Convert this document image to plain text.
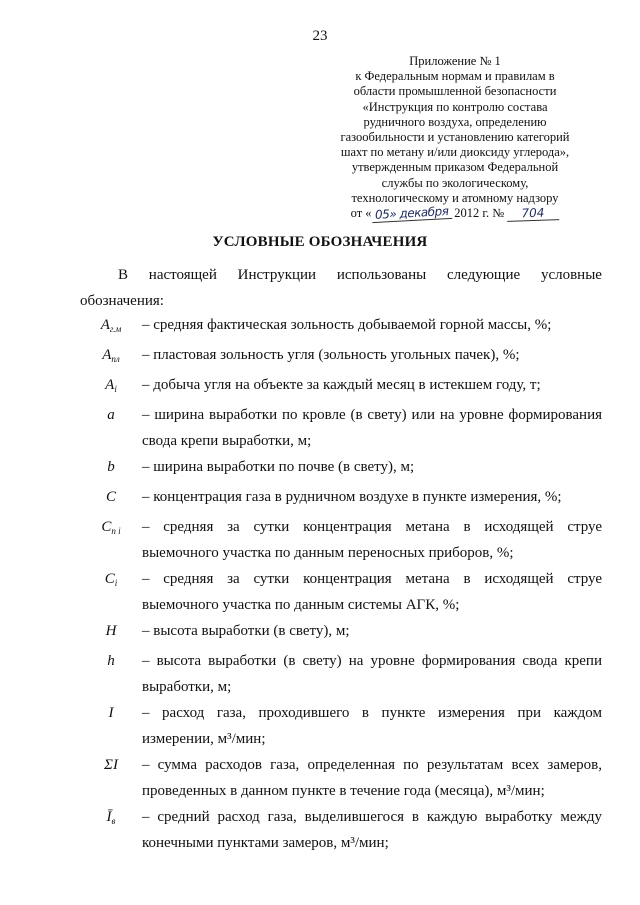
23
Приложение № 1
к Федеральным нормам и правилам в
области промышленной безопасности
«Инструкция по контролю состава
рудничного воздуха, определению
газообильности и установлению категорий
шахт по метану и/или диоксиду углерода»,
утвержденным приказом Федеральной
службы по экологическому,
технологическому и атомному надзору
от « 05» декабря 2012 г. № 704
УСЛОВНЫЕ ОБОЗНАЧЕНИЯ
В настоящей Инструкции использованы следующие условные
обозначения:
$A_{г.м}$	– средняя фактическая зольность добываемой горной массы, %;
$A_{пл}$	– пластовая зольность угля (зольность угольных пачек), %;
$A_i$	– добыча угля на объекте за каждый месяц в истекшем году, т;
a	– ширина выработки по кровле (в свету) или на уровне формирования свода крепи выработки, м;
b	– ширина выработки по почве (в свету), м;
C	– концентрация газа в рудничном воздухе в пункте измерения, %;
$C_{п i}$	– средняя за сутки концентрация метана в исходящей струе выемочного участка по данным переносных приборов, %;
$C_i$	– средняя за сутки концентрация метана в исходящей струе выемочного участка по данным системы АГК, %;
H	– высота выработки (в свету), м;
h	– высота выработки (в свету) на уровне формирования свода крепи выработки, м;
I	– расход газа, проходившего в пункте измерения при каждом измерении, м³/мин;
ΣI	– сумма расходов газа, определенная по результатам всех замеров, проведенных в данном пункте в течение года (месяца), м³/мин;
$Ī_в$	– средний расход газа, выделившегося в каждую выработку между конечными пунктами замеров, м³/мин;
